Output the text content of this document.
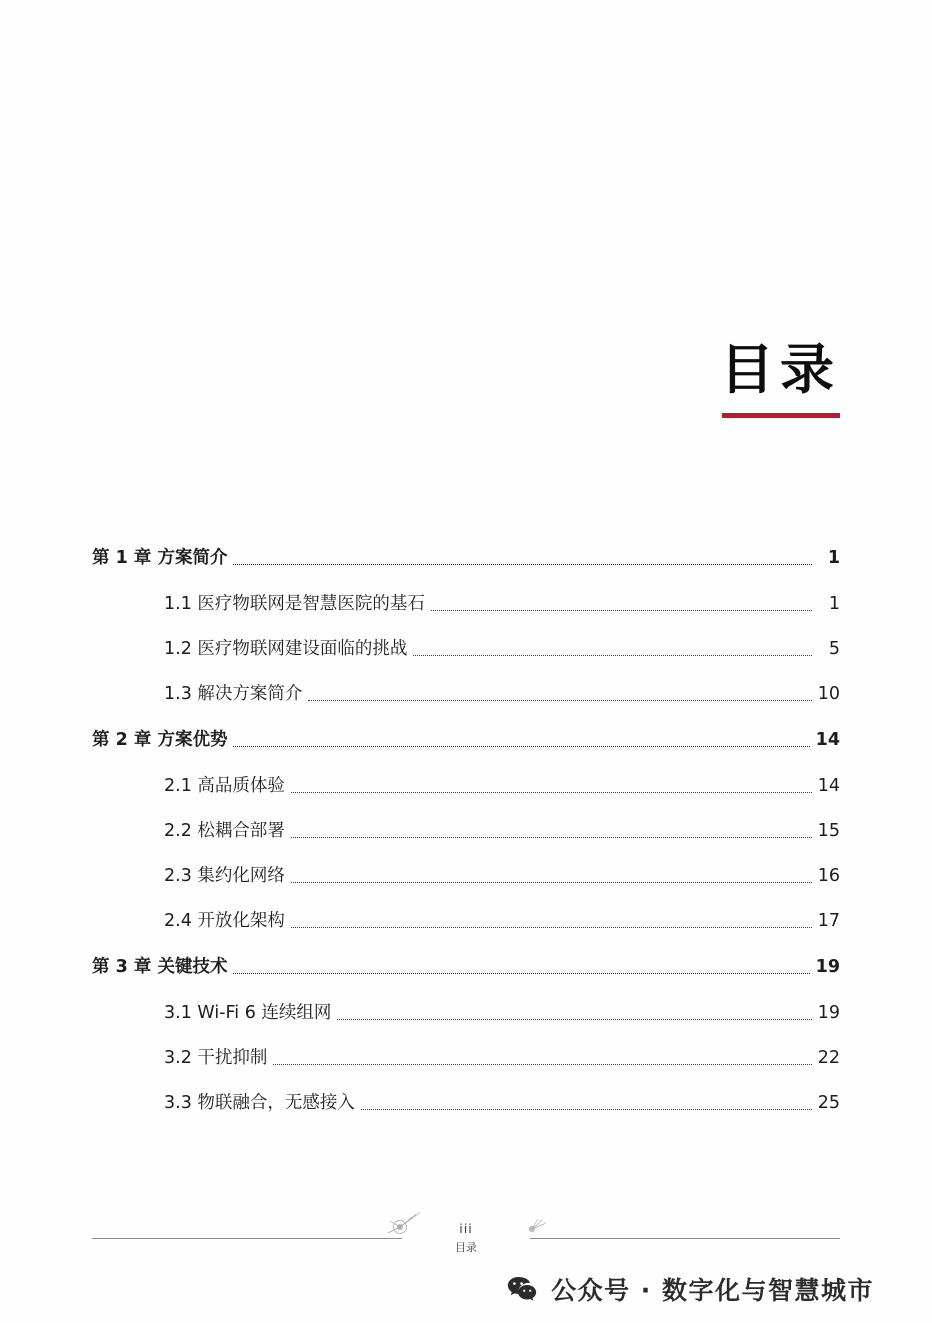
目录
第 1 章 方案简介	1
1.1 医疗物联网是智慧医院的基石	1
1.2 医疗物联网建设面临的挑战	5
1.3 解决方案简介	10
第 2 章 方案优势	14
2.1 高品质体验	14
2.2 松耦合部署	15
2.3 集约化网络	16
2.4 开放化架构	17
第 3 章 关键技术	19
3.1 Wi-Fi 6 连续组网	19
3.2 干扰抑制	22
3.3 物联融合，无感接入	25
iii
目录
公众号 · 数字化与智慧城市
